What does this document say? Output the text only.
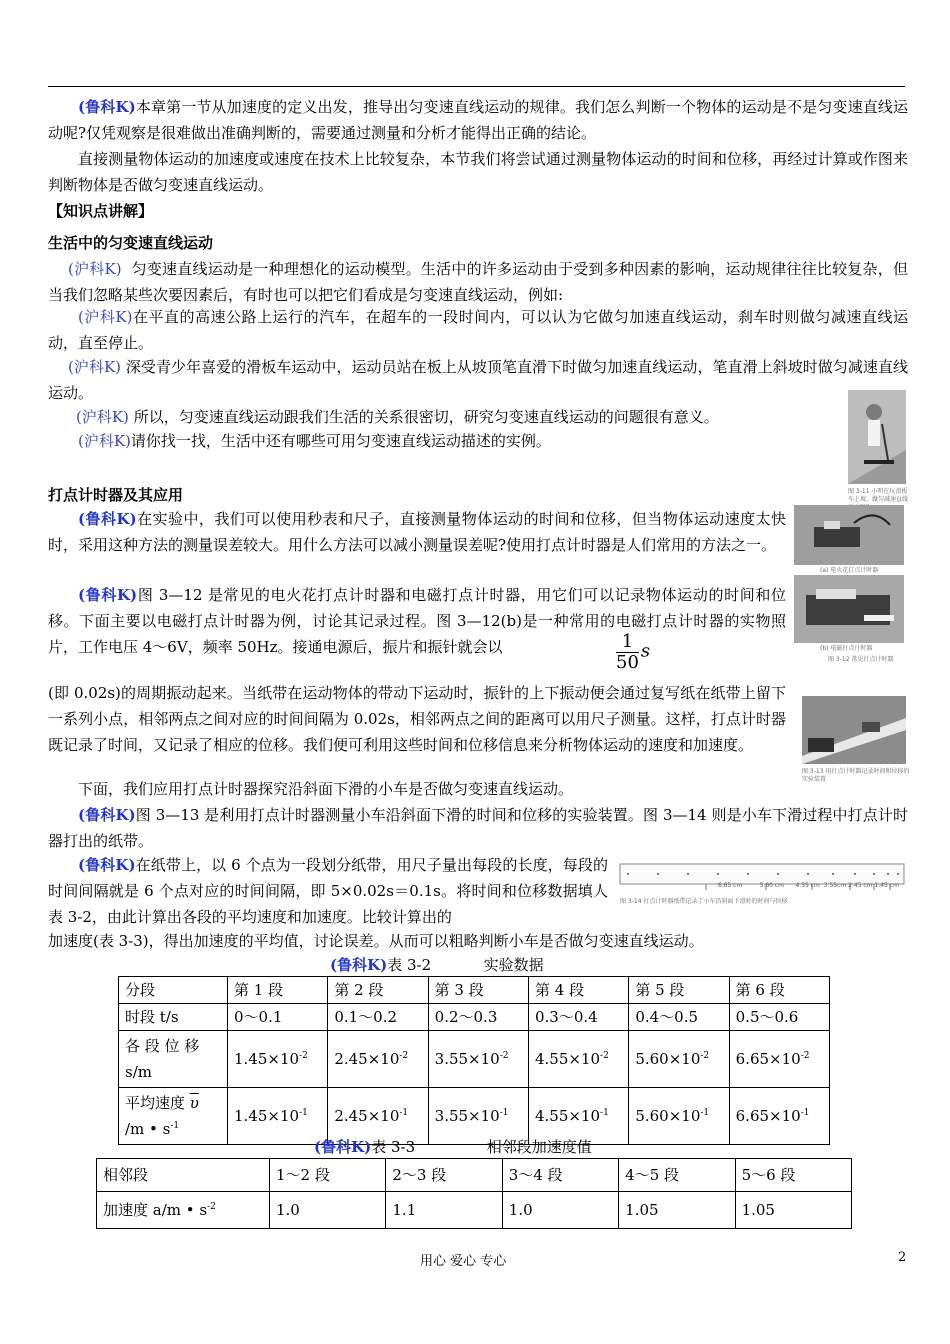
(鲁科K)本章第一节从加速度的定义出发，推导出匀变速直线运动的规律。我们怎么判断一个物体的运动是不是匀变速直线运动呢?仅凭观察是很难做出准确判断的，需要通过测量和分析才能得出正确的结论。
直接测量物体运动的加速度或速度在技术上比较复杂，本节我们将尝试通过测量物体运动的时间和位移，再经过计算或作图来判断物体是否做匀变速直线运动。
【知识点讲解】
生活中的匀变速直线运动
(沪科K) 匀变速直线运动是一种理想化的运动模型。生活中的许多运动由于受到多种因素的影响，运动规律往往比较复杂，但当我们忽略某些次要因素后，有时也可以把它们看成是匀变速直线运动，例如:
(沪科K)在平直的高速公路上运行的汽车，在超车的一段时间内，可以认为它做匀加速直线运动，刹车时则做匀减速直线运动，直至停止。
(沪科K) 深受青少年喜爱的滑板车运动中，运动员站在板上从坡顶笔直滑下时做匀加速直线运动，笔直滑上斜坡时做匀减速直线运动。
(沪科K) 所以，匀变速直线运动跟我们生活的关系很密切，研究匀变速直线运动的问题很有意义。
(沪科K)请你找一找，生活中还有哪些可用匀变速直线运动描述的实例。
图 3-11 小明在玩滑板车上坡，做匀减速直线
打点计时器及其应用
(鲁科K)在实验中，我们可以使用秒表和尺子，直接测量物体运动的时间和位移，但当物体运动速度太快时，采用这种方法的测量误差较大。用什么方法可以减小测量误差呢?使用打点计时器是人们常用的方法之一。
(鲁科K)图 3—12 是常见的电火花打点计时器和电磁打点计时器，用它们可以记录物体运动的时间和位移。下面主要以电磁打点计时器为例，讨论其记录过程。图 3—12(b)是一种常用的电磁打点计时器的实物照片，工作电压 4～6V，频率 50Hz。接通电源后，振片和振针就会以	$\frac{1}{50}$ s
(即 0.02s)的周期振动起来。当纸带在运动物体的带动下运动时，振针的上下振动便会通过复写纸在纸带上留下一系列小点，相邻两点之间对应的时间间隔为 0.02s，相邻两点之间的距离可以用尺子测量。这样，打点计时器既记录了时间，又记录了相应的位移。我们便可利用这些时间和位移信息来分析物体运动的速度和加速度。
(a) 电火花打点计时器
(b) 电磁打点计时器
图 3-12 常见打点计时器
图 3-13 用打点计时器记录时间和位移的实验装置
下面，我们应用打点计时器探究沿斜面下滑的小车是否做匀变速直线运动。
(鲁科K)图 3—13 是利用打点计时器测量小车沿斜面下滑的时间和位移的实验装置。图 3—14 则是小车下滑过程中打点计时器打出的纸带。
(鲁科K)在纸带上，以 6 个点为一段划分纸带，用尺子量出每段的长度，每段的时间间隔就是 6 个点对应的时间间隔，即 5×0.02s＝0.1s。将时间和位移数据填人表 3-2，由此计算出各段的平均速度和加速度。比较计算出的
加速度(表 3-3)，得出加速度的平均值，讨论误差。从而可以粗略判断小车是否做匀变速直线运动。
6.65 cm	5.60 cm 4.55 cm 3.55cm 2.45 cm 1.45 cm
图 3-14 打点计时器纸带记录了小车沿斜面下滑时的时间与位移
(鲁科K)表 3-2	实验数据
分段	第 1 段	第 2 段	第 3 段	第 4 段	第 5 段	第 6 段
时段 t/s	0～0.1	0.1～0.2	0.2～0.3	0.3～0.4	0.4～0.5	0.5～0.6
各 段 位 移
s/m	$1.45\times 10^{-2}$	$2.45\times 10^{-2}$	$3.55\times 10^{-2}$	$4.55\times 10^{-2}$	$5.60\times 10^{-2}$	$6.65\times 10^{-2}$
平均速度 $\overline{\upsilon}$
/m • $s^{-1}$	$1.45\times 10^{-1}$	$2.45\times 10^{-1}$	$3.55\times 10^{-1}$	$4.55\times 10^{-1}$	$5.60\times 10^{-1}$	$6.65\times 10^{-1}$
(鲁科K)表 3-3	相邻段加速度值
相邻段	1～2 段	2～3 段	3～4 段	4～5 段	5～6 段
加速度 a/m • $s^{-2}$	1.0	1.1	1.0	1.05	1.05
用心 爱心 专心	2
